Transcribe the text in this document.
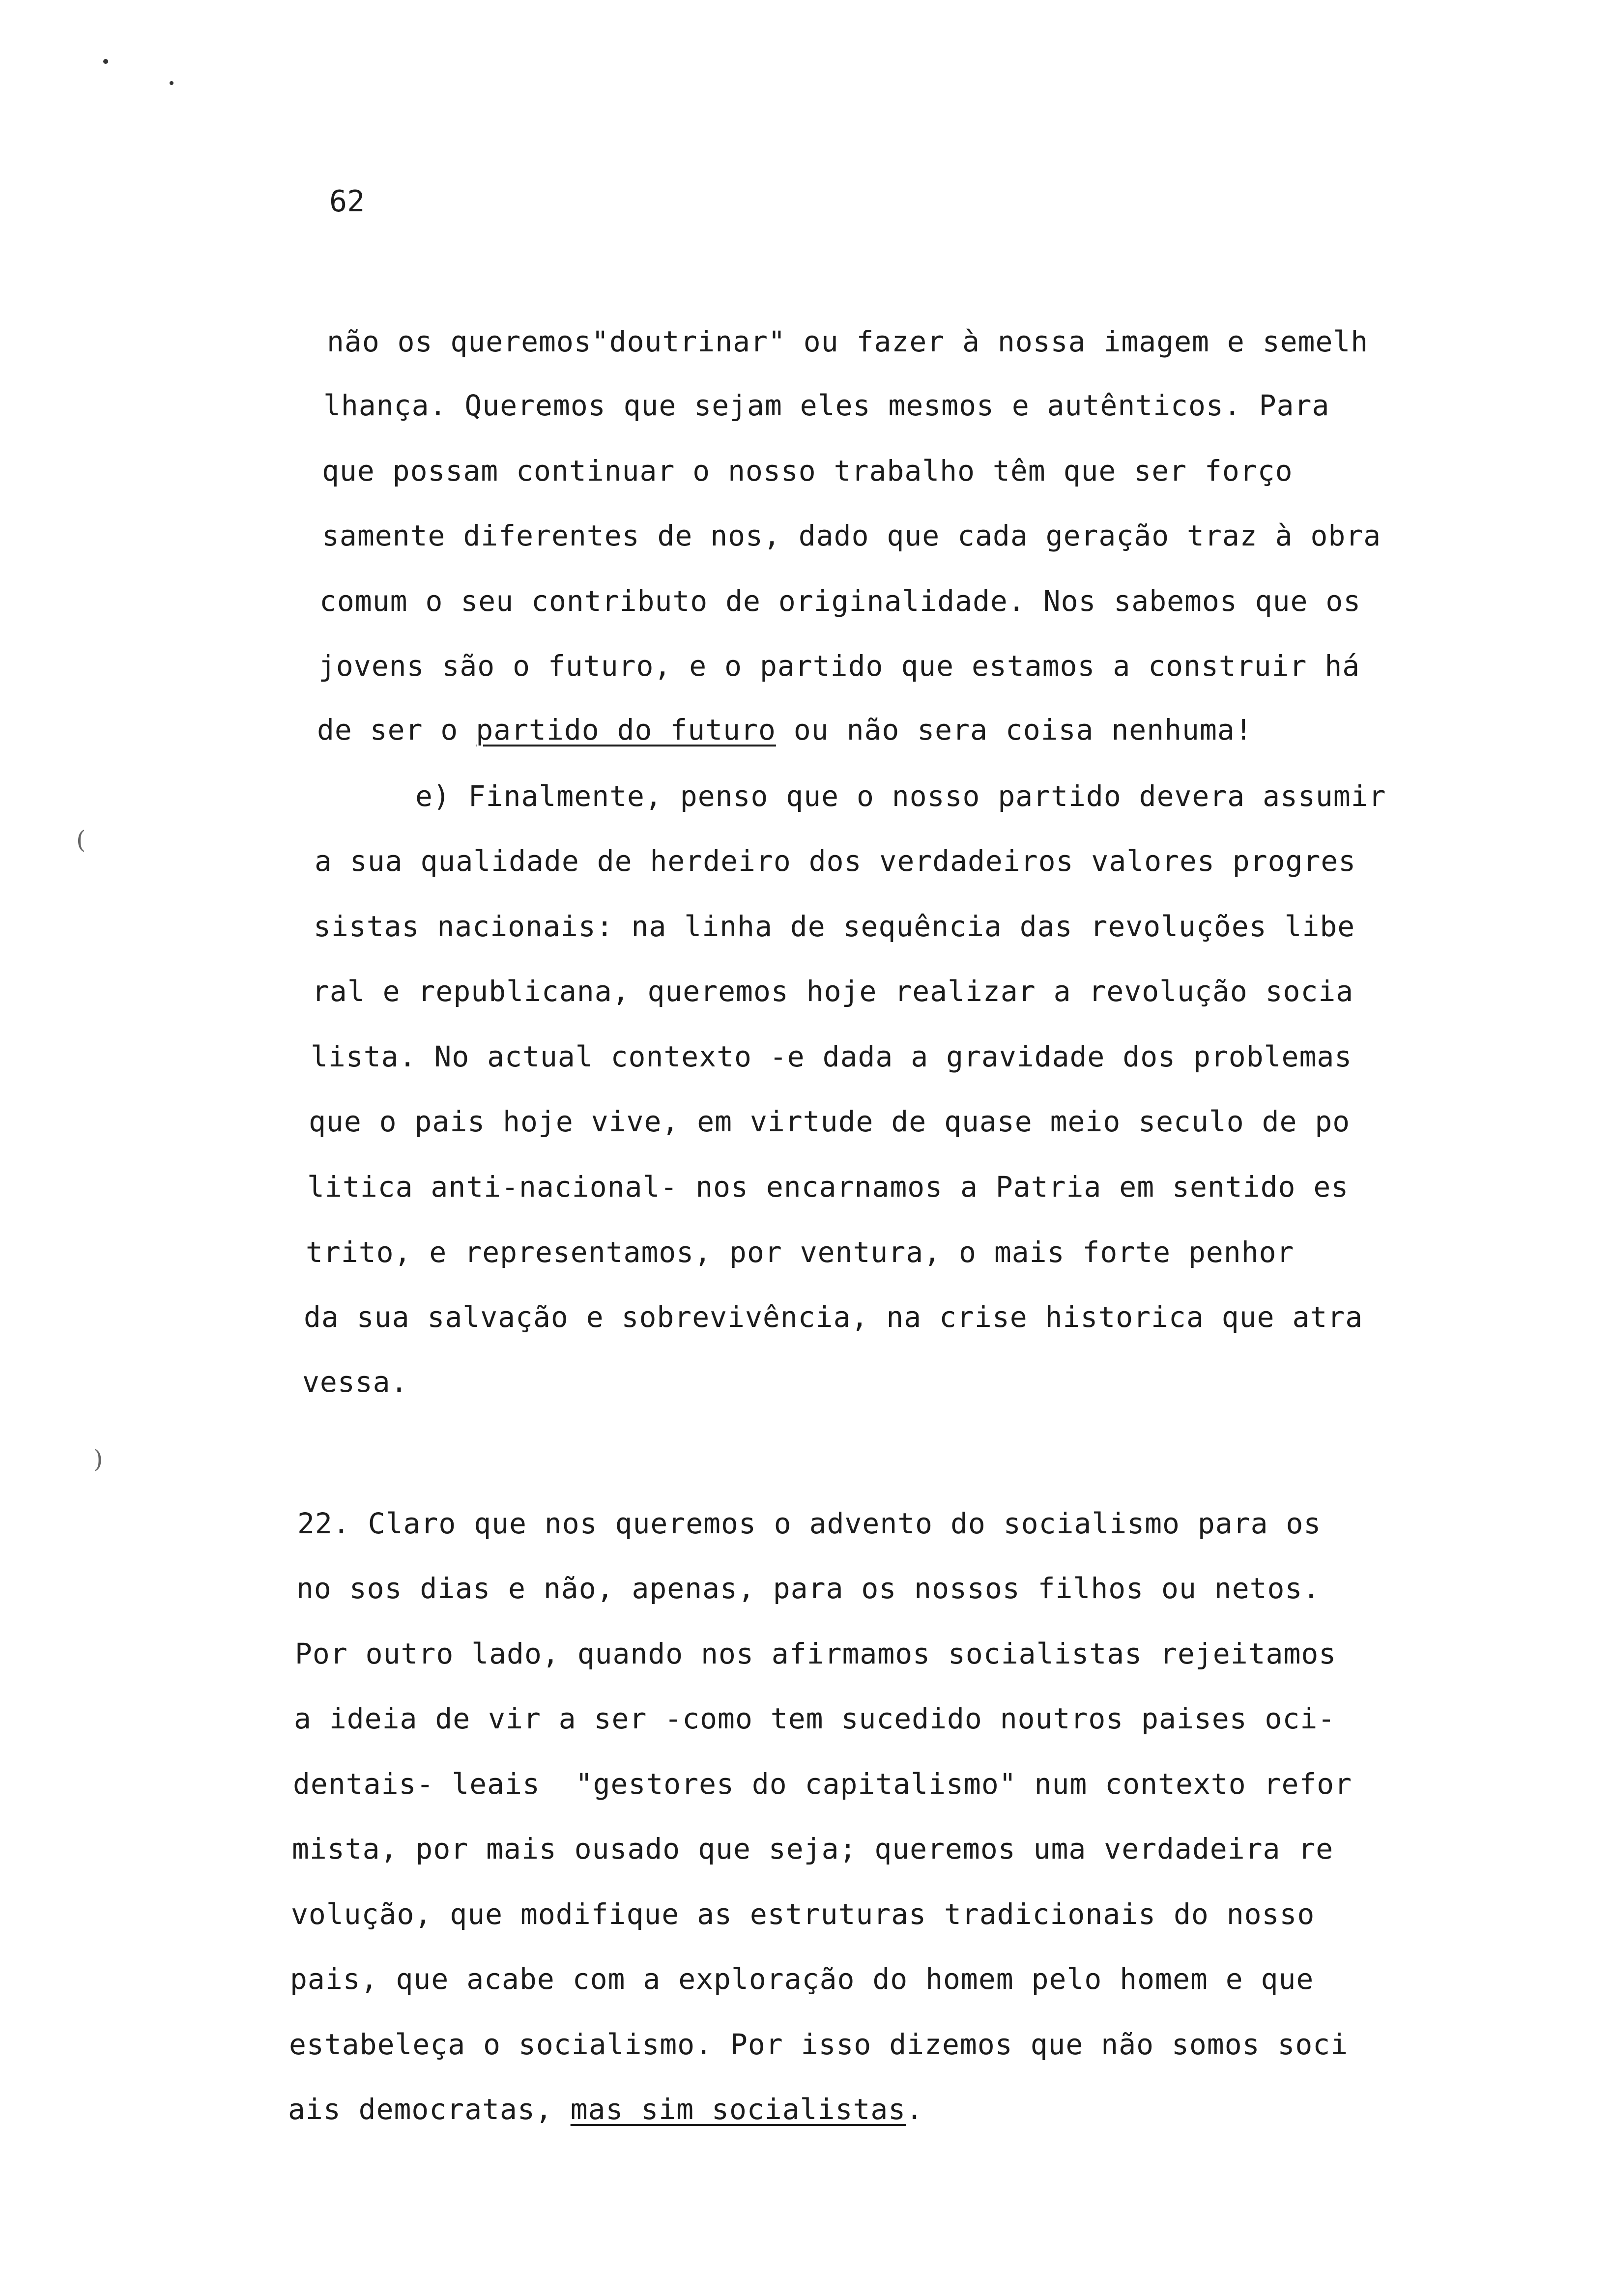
(
)
62
não os queremos"doutrinar" ou fazer à nossa imagem e semelh
lhança. Queremos que sejam eles mesmos e autênticos. Para
que possam continuar o nosso trabalho têm que ser forço
samente diferentes de nos, dado que cada geração traz à obra
comum o seu contributo de originalidade. Nos sabemos que os
jovens são o futuro, e o partido que estamos a construir há
de ser o partido do futuro ou não sera coisa nenhuma!
e) Finalmente, penso que o nosso partido devera assumir
a sua qualidade de herdeiro dos verdadeiros valores progres
sistas nacionais: na linha de sequência das revoluções libe
ral e republicana, queremos hoje realizar a revolução socia
lista. No actual contexto -e dada a gravidade dos problemas
que o pais hoje vive, em virtude de quase meio seculo de po
litica anti-nacional- nos encarnamos a Patria em sentido es
trito, e representamos, por ventura, o mais forte penhor
da sua salvação e sobrevivência, na crise historica que atra
vessa.
22. Claro que nos queremos o advento do socialismo para os
no sos dias e não, apenas, para os nossos filhos ou netos.
Por outro lado, quando nos afirmamos socialistas rejeitamos
a ideia de vir a ser -como tem sucedido noutros paises oci-
dentais- leais  "gestores do capitalismo" num contexto refor
mista, por mais ousado que seja; queremos uma verdadeira re
volução, que modifique as estruturas tradicionais do nosso
pais, que acabe com a exploração do homem pelo homem e que
estabeleça o socialismo. Por isso dizemos que não somos soci
ais democratas, mas sim socialistas.
